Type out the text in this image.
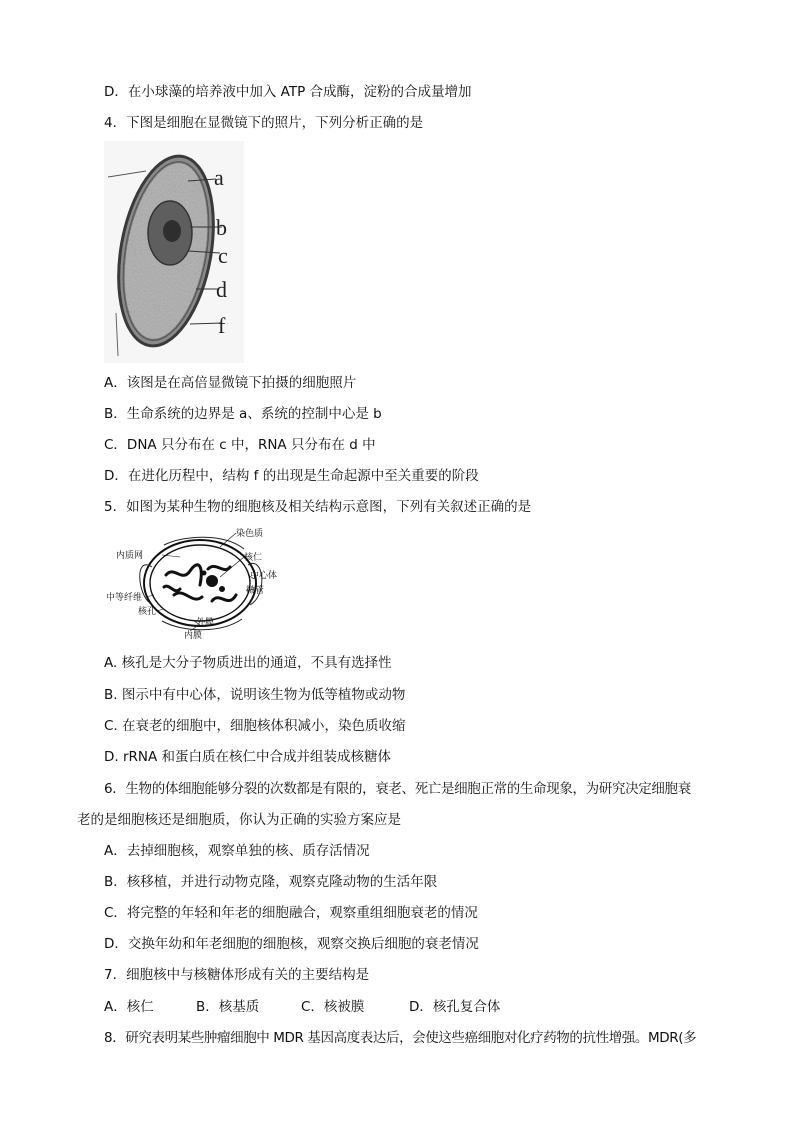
D．在小球藻的培养液中加入 ATP 合成酶，淀粉的合成量增加
4．下图是细胞在显微镜下的照片，下列分析正确的是
a
b
c
d
f
A．该图是在高倍显微镜下拍摄的细胞照片
B．生命系统的边界是 a、系统的控制中心是 b
C．DNA 只分布在 c 中，RNA 只分布在 d 中
D．在进化历程中，结构 f 的出现是生命起源中至关重要的阶段
5．如图为某种生物的细胞核及相关结构示意图，下列有关叙述正确的是
染色质
内质网	核仁
中心体
微管
中等纤维
核孔
外膜
内膜
A. 核孔是大分子物质进出的通道，不具有选择性
B. 图示中有中心体，说明该生物为低等植物或动物
C. 在衰老的细胞中，细胞核体积减小，染色质收缩
D. rRNA 和蛋白质在核仁中合成并组装成核糖体
6．生物的体细胞能够分裂的次数都是有限的，衰老、死亡是细胞正常的生命现象，为研究决定细胞衰
老的是细胞核还是细胞质，你认为正确的实验方案应是
A．去掉细胞核，观察单独的核、质存活情况
B．核移植，并进行动物克隆，观察克隆动物的生活年限
C．将完整的年轻和年老的细胞融合，观察重组细胞衰老的情况
D．交换年幼和年老细胞的细胞核，观察交换后细胞的衰老情况
7．细胞核中与核糖体形成有关的主要结构是
A．核仁	B．核基质	C．核被膜	D．核孔复合体
8．研究表明某些肿瘤细胞中 MDR 基因高度表达后，会使这些癌细胞对化疗药物的抗性增强。MDR(多
